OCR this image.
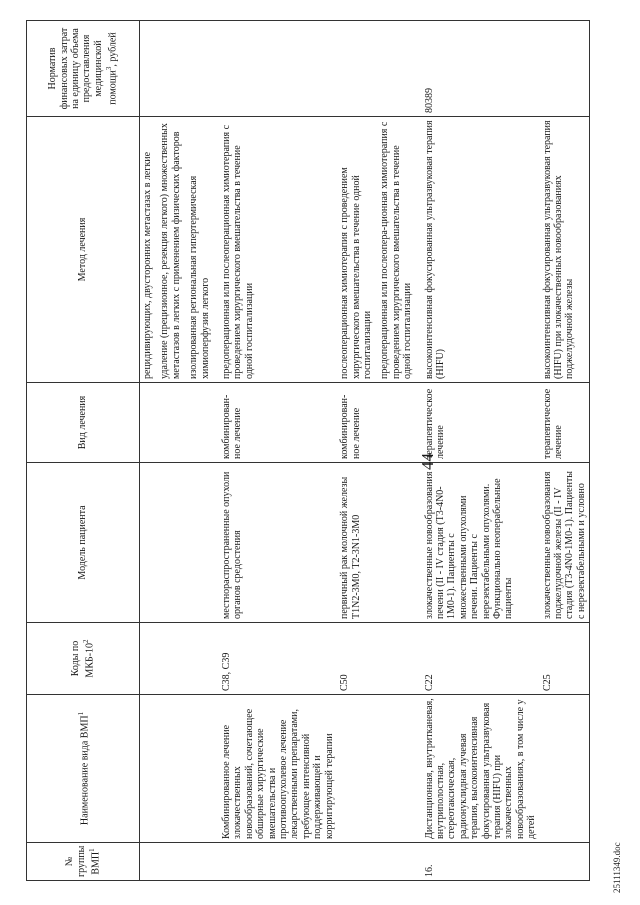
№ группы ВМП$^1$	Наименование вида ВМП$^1$	Коды по МКБ-$10^2$	Модель пациента	Вид лечения	Метод лечения	Норматив финансовых затрат на единицу объема предоставления медицинской помощи$^3$, рублей

					рецидивирующих, двусторонних метастазах в легкие удаление (прецизионное, резекция легкого) множественных метастазов в легких с применением физических факторов изолированная региональная гипертермическая химиоперфузия легкого	

	Комбинированное лечение злокачественных новообразований, сочетающее обширные хирургические вмешательства и противоопухолевое лечение лекарственными препаратами, требующее интенсивной поддерживающей и корригирующей терапии	C38, C39	местнораспространенные опухоли органов средостения	комбинирован-ное лечение	предоперационная или послеоперационная химиотерапия с проведением хирургического вмешательства в течение одной госпитализации	

		C50	первичный рак молочной железы T1N2-3M0, T2-3N1-3M0	комбинирован-ное лечение	послеоперационная химиотерапия с проведением хирургического вмешательства в течение одной госпитализации предоперационная или послеопера-ционная химиотерапия с проведением хирургического вмешательства в течение одной госпитализации	

16.	Дистанционная, внутритканевая, внутриполостная, стереотаксическая, радионуклидная лучевая терапия, высокоинтенсивная фокусированная ультразвуковая терапия (HIFU) при злокачественных новообразованиях, в том числе у детей	C22	злокачественные новообразования печени (II - IV стадия (T3-4N0-1M0-1). Пациенты с множественными опухолями печени. Пациенты с нерезектабельными опухолями. Функционально неоперабельные пациенты	терапевтическое лечение	высокоинтенсивная фокусированная ультразвуковая терапия (HIFU)	80389
		C25	злокачественные новообразования поджелудочной железы (II - IV стадия (T3-4N0-1M0-1). Пациенты с нерезектабельными и условно	терапевтическое лечение	высокоинтенсивная фокусированная ультразвуковая терапия (HIFU) при злокачественных новообразованиях поджелудочной железы	

44
25111349.doc
